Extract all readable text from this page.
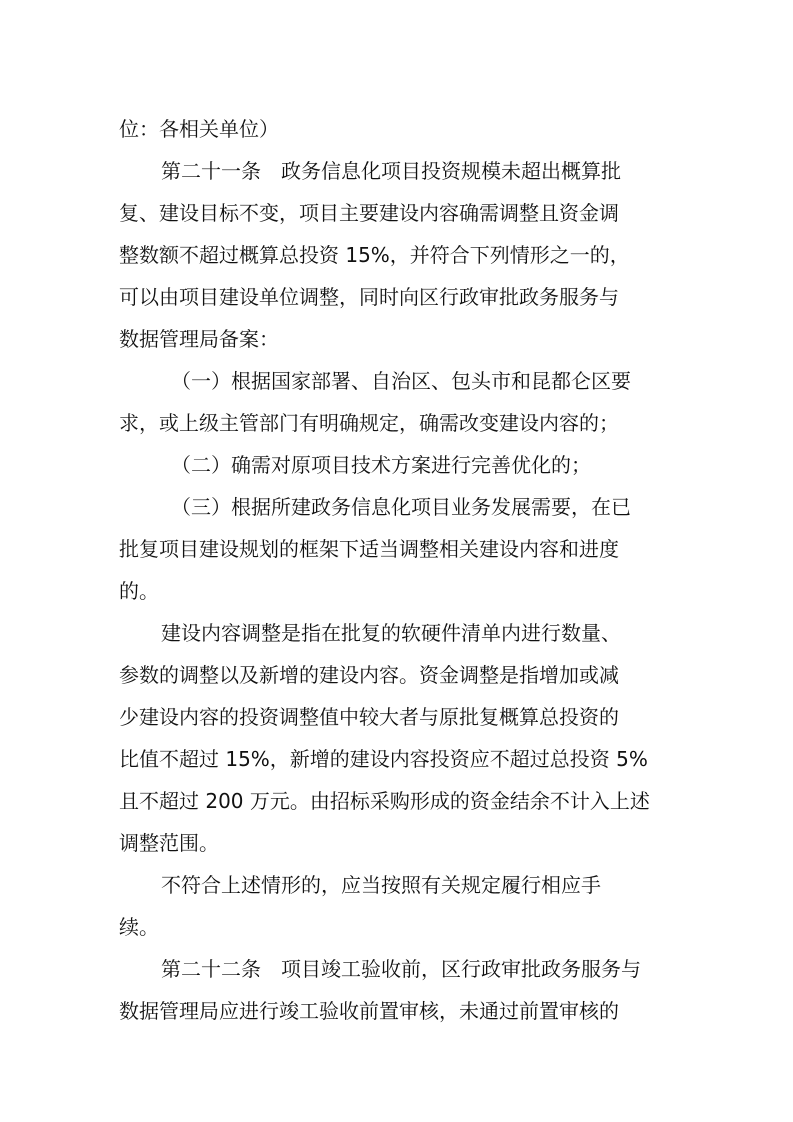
位：各相关单位）
第二十一条　政务信息化项目投资规模未超出概算批
复、建设目标不变，项目主要建设内容确需调整且资金调
整数额不超过概算总投资 15%，并符合下列情形之一的，
可以由项目建设单位调整，同时向区行政审批政务服务与
数据管理局备案：
（一）根据国家部署、自治区、包头市和昆都仑区要
求，或上级主管部门有明确规定，确需改变建设内容的；
（二）确需对原项目技术方案进行完善优化的；
（三）根据所建政务信息化项目业务发展需要，在已
批复项目建设规划的框架下适当调整相关建设内容和进度
的。
建设内容调整是指在批复的软硬件清单内进行数量、
参数的调整以及新增的建设内容。资金调整是指增加或减
少建设内容的投资调整值中较大者与原批复概算总投资的
比值不超过 15%，新增的建设内容投资应不超过总投资 5%
且不超过 200 万元。由招标采购形成的资金结余不计入上述
调整范围。
不符合上述情形的，应当按照有关规定履行相应手
续。
第二十二条　项目竣工验收前，区行政审批政务服务与
数据管理局应进行竣工验收前置审核，未通过前置审核的
